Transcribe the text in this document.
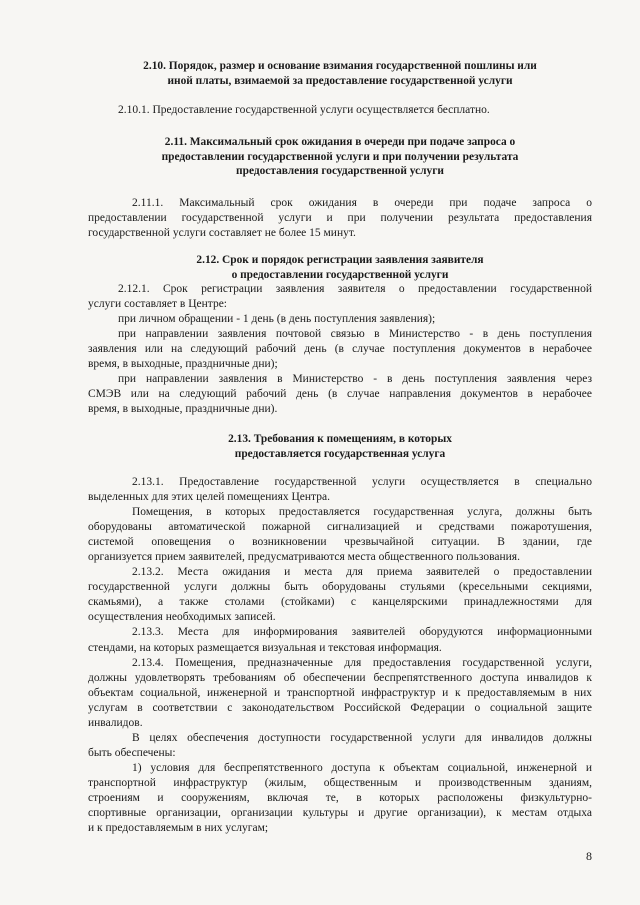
2.10. Порядок, размер и основание взимания государственной пошлины или
иной платы, взимаемой за предоставление государственной услуги
2.10.1. Предоставление государственной услуги осуществляется бесплатно.
2.11. Максимальный срок ожидания в очереди при подаче запроса о
предоставлении государственной услуги и при получении результата
предоставления государственной услуги
2.11.1. Максимальный срок ожидания в очереди при подаче запроса о
предоставлении государственной услуги и при получении результата предоставления
государственной услуги составляет не более 15 минут.
2.12. Срок и порядок регистрации заявления заявителя
о предоставлении государственной услуги
2.12.1. Срок регистрации заявления заявителя о предоставлении государственной
услуги составляет в Центре:
при личном обращении - 1 день (в день поступления заявления);
при направлении заявления почтовой связью в Министерство - в день поступления
заявления или на следующий рабочий день (в случае поступления документов в нерабочее
время, в выходные, праздничные дни);
при направлении заявления в Министерство - в день поступления заявления через
СМЭВ или на следующий рабочий день (в случае направления документов в нерабочее
время, в выходные, праздничные дни).
2.13. Требования к помещениям, в которых
предоставляется государственная услуга
2.13.1. Предоставление государственной услуги осуществляется в специально
выделенных для этих целей помещениях Центра.
Помещения, в которых предоставляется государственная услуга, должны быть
оборудованы автоматической пожарной сигнализацией и средствами пожаротушения,
системой оповещения о возникновении чрезвычайной ситуации. В здании, где
организуется прием заявителей, предусматриваются места общественного пользования.
2.13.2. Места ожидания и места для приема заявителей о предоставлении
государственной услуги должны быть оборудованы стульями (кресельными секциями,
скамьями), а также столами (стойками) с канцелярскими принадлежностями для
осуществления необходимых записей.
2.13.3. Места для информирования заявителей оборудуются информационными
стендами, на которых размещается визуальная и текстовая информация.
2.13.4. Помещения, предназначенные для предоставления государственной услуги,
должны удовлетворять требованиям об обеспечении беспрепятственного доступа инвалидов к
объектам социальной, инженерной и транспортной инфраструктур и к предоставляемым в них
услугам в соответствии с законодательством Российской Федерации о социальной защите
инвалидов.
В целях обеспечения доступности государственной услуги для инвалидов должны
быть обеспечены:
1) условия для беспрепятственного доступа к объектам социальной, инженерной и
транспортной инфраструктур (жилым, общественным и производственным зданиям,
строениям и сооружениям, включая те, в которых расположены физкультурно-
спортивные организации, организации культуры и другие организации), к местам отдыха
и к предоставляемым в них услугам;
8
